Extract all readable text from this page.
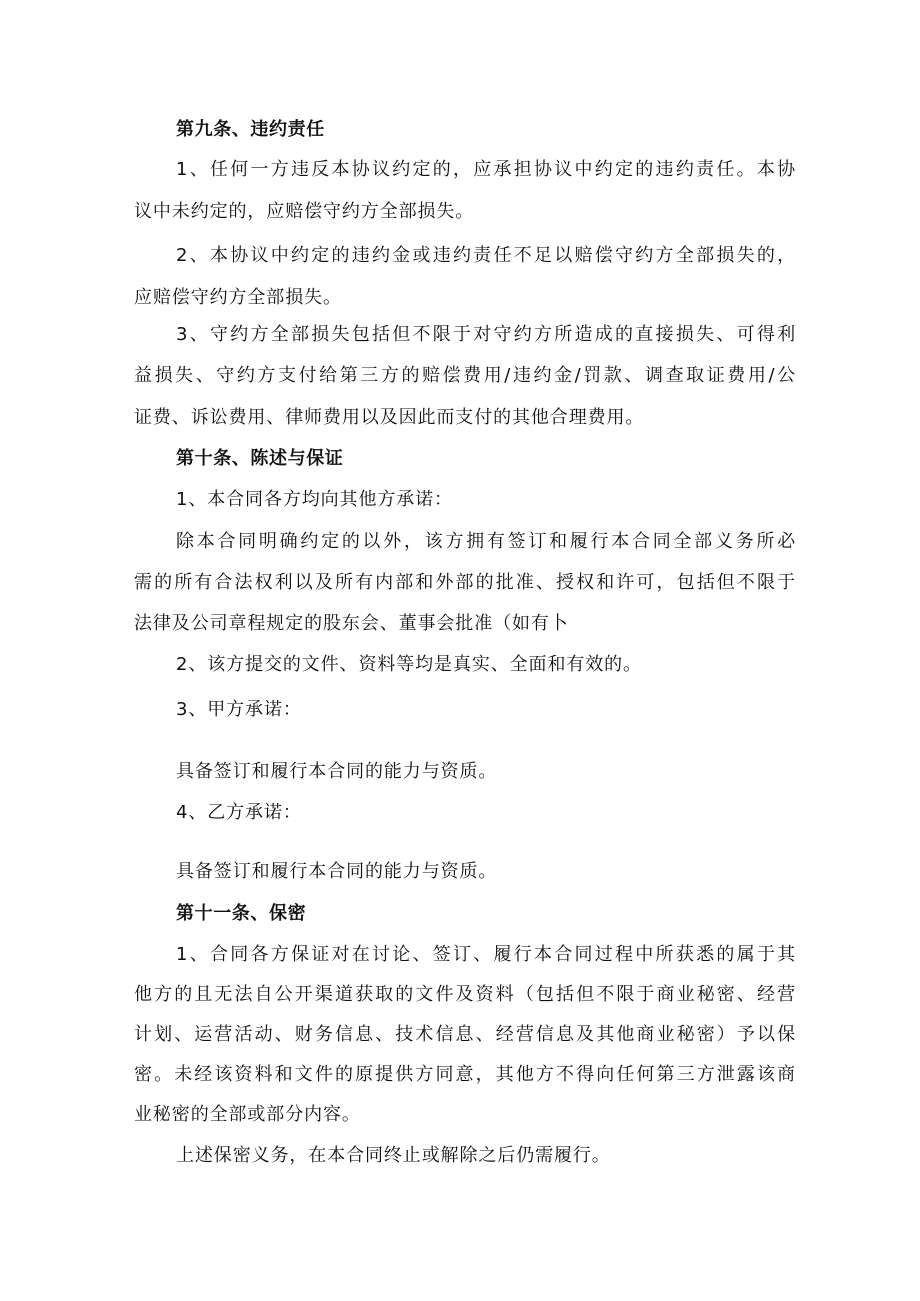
第九条、违约责任
1、任何一方违反本协议约定的，应承担协议中约定的违约责任。本协
议中未约定的，应赔偿守约方全部损失。
2、本协议中约定的违约金或违约责任不足以赔偿守约方全部损失的，
应赔偿守约方全部损失。
3、守约方全部损失包括但不限于对守约方所造成的直接损失、可得利
益损失、守约方支付给第三方的赔偿费用/违约金/罚款、调查取证费用/公
证费、诉讼费用、律师费用以及因此而支付的其他合理费用。
第十条、陈述与保证
1、本合同各方均向其他方承诺：
除本合同明确约定的以外，该方拥有签订和履行本合同全部义务所必
需的所有合法权利以及所有内部和外部的批准、授权和许可，包括但不限于
法律及公司章程规定的股东会、董事会批准（如有卜
2、该方提交的文件、资料等均是真实、全面和有效的。
3、甲方承诺：
具备签订和履行本合同的能力与资质。
4、乙方承诺：
具备签订和履行本合同的能力与资质。
第十一条、保密
1、合同各方保证对在讨论、签订、履行本合同过程中所获悉的属于其
他方的且无法自公开渠道获取的文件及资料（包括但不限于商业秘密、经营
计划、运营活动、财务信息、技术信息、经营信息及其他商业秘密）予以保
密。未经该资料和文件的原提供方同意，其他方不得向任何第三方泄露该商
业秘密的全部或部分内容。
上述保密义务，在本合同终止或解除之后仍需履行。
